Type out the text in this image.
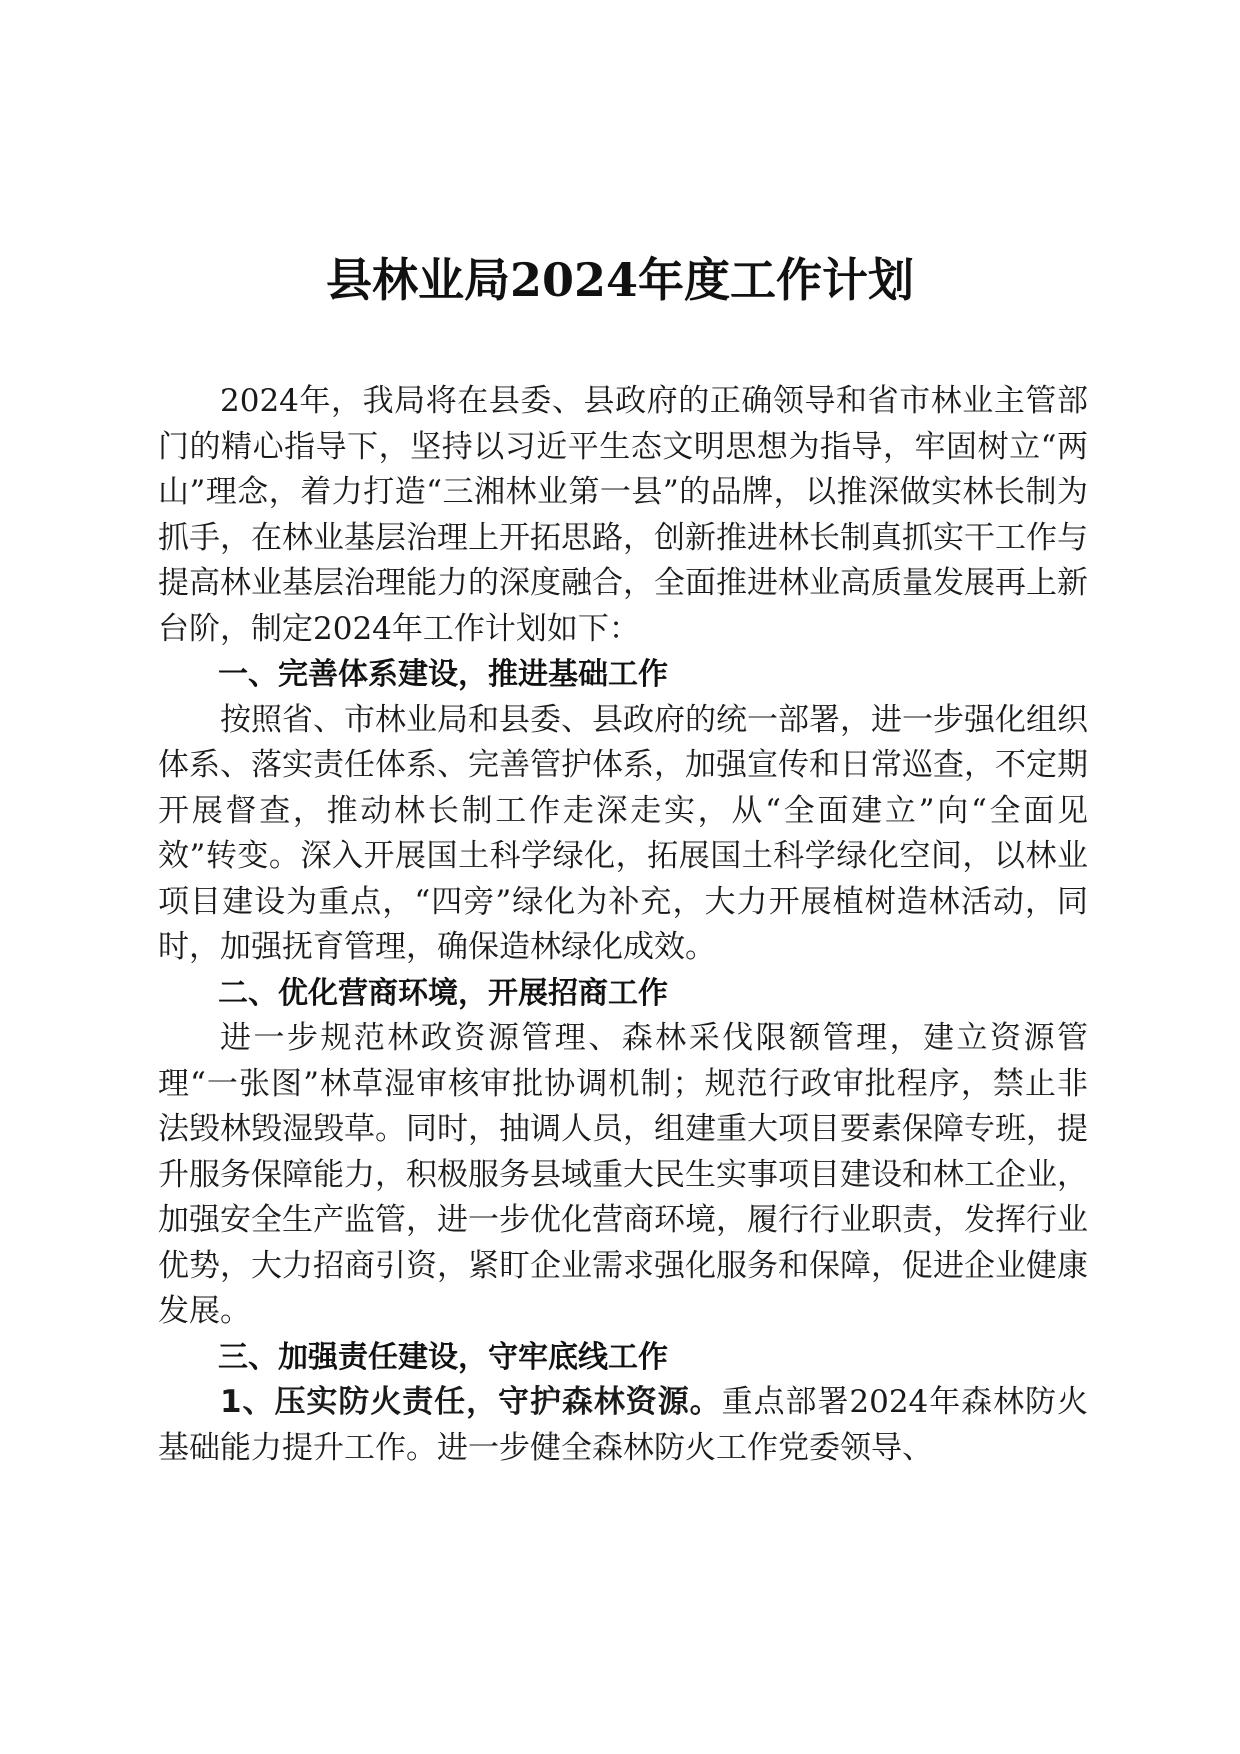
县林业局2024年度工作计划

2024年，我局将在县委、县政府的正确领导和省市林业主管部门的精心指导下，坚持以习近平生态文明思想为指导，牢固树立“两山”理念，着力打造“三湘林业第一县”的品牌，以推深做实林长制为抓手，在林业基层治理上开拓思路，创新推进林长制真抓实干工作与提高林业基层治理能力的深度融合，全面推进林业高质量发展再上新台阶，制定2024年工作计划如下：

一、完善体系建设，推进基础工作

按照省、市林业局和县委、县政府的统一部署，进一步强化组织体系、落实责任体系、完善管护体系，加强宣传和日常巡查，不定期开展督查，推动林长制工作走深走实，从“全面建立”向“全面见效”转变。深入开展国土科学绿化，拓展国土科学绿化空间，以林业项目建设为重点，“四旁”绿化为补充，大力开展植树造林活动，同时，加强抚育管理，确保造林绿化成效。

二、优化营商环境，开展招商工作

进一步规范林政资源管理、森林采伐限额管理，建立资源管理“一张图”林草湿审核审批协调机制；规范行政审批程序，禁止非法毁林毁湿毁草。同时，抽调人员，组建重大项目要素保障专班，提升服务保障能力，积极服务县域重大民生实事项目建设和林工企业，加强安全生产监管，进一步优化营商环境，履行行业职责，发挥行业优势，大力招商引资，紧盯企业需求强化服务和保障，促进企业健康发展。

三、加强责任建设，守牢底线工作

1、压实防火责任，守护森林资源。重点部署2024年森林防火基础能力提升工作。进一步健全森林防火工作党委领导、
